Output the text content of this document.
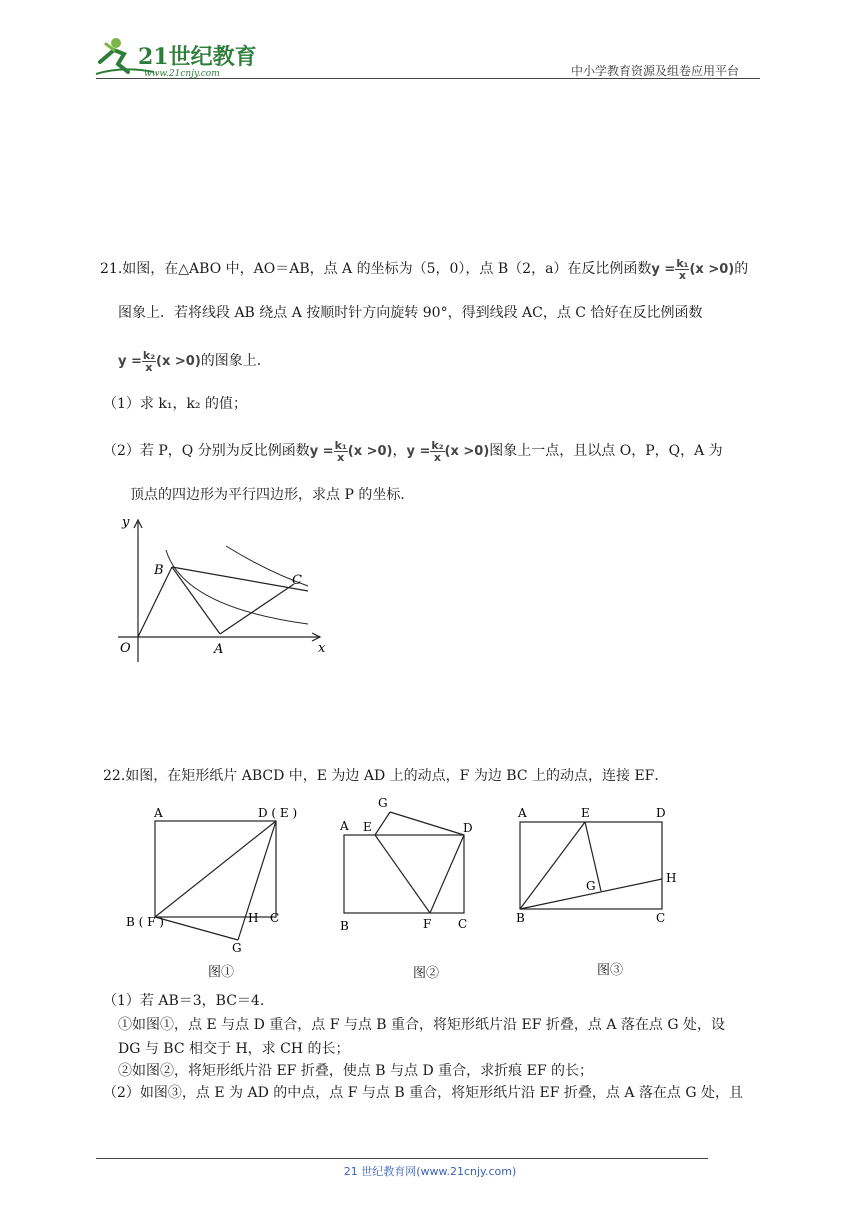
21世纪教育
www.21cnjy.com	中小学教育资源及组卷应用平台
21.如图，在△ABO 中，AO＝AB，点 A 的坐标为（5，0），点 B（2，a）在反比例函数$y = \frac{\text{k₁}}{x} (x >0)$的
图象上．若将线段 AB 绕点 A 按顺时针方向旋转 90°，得到线段 AC，点 C 恰好在反比例函数
$y = \frac{\text{k₂}}{x} (x >0)$的图象上．
（1）求 k₁，k₂ 的值；
（2）若 P，Q 分别为反比例函数$y = \frac{\text{k₁}}{x} (x >0)$，$y = \frac{\text{k₂}}{x} (x >0)$图象上一点，且以点 O，P，Q，A 为
顶点的四边形为平行四边形，求点 P 的坐标．
y
x
O	A
B
C
22.如图，在矩形纸片 ABCD 中，E 为边 AD 上的动点，F 为边 BC 上的动点，连接 EF．
A	D ( E )
B ( F )	H C
G
图①
G
A E	D
B	F C
图②
A	E	D
G
H
B	C
图③
（1）若 AB＝3，BC＝4．
①如图①，点 E 与点 D 重合，点 F 与点 B 重合，将矩形纸片沿 EF 折叠，点 A 落在点 G 处，设
DG 与 BC 相交于 H，求 CH 的长；
②如图②，将矩形纸片沿 EF 折叠，使点 B 与点 D 重合，求折痕 EF 的长；
（2）如图③，点 E 为 AD 的中点，点 F 与点 B 重合，将矩形纸片沿 EF 折叠，点 A 落在点 G 处，且
21 世纪教育网(www.21cnjy.com)
